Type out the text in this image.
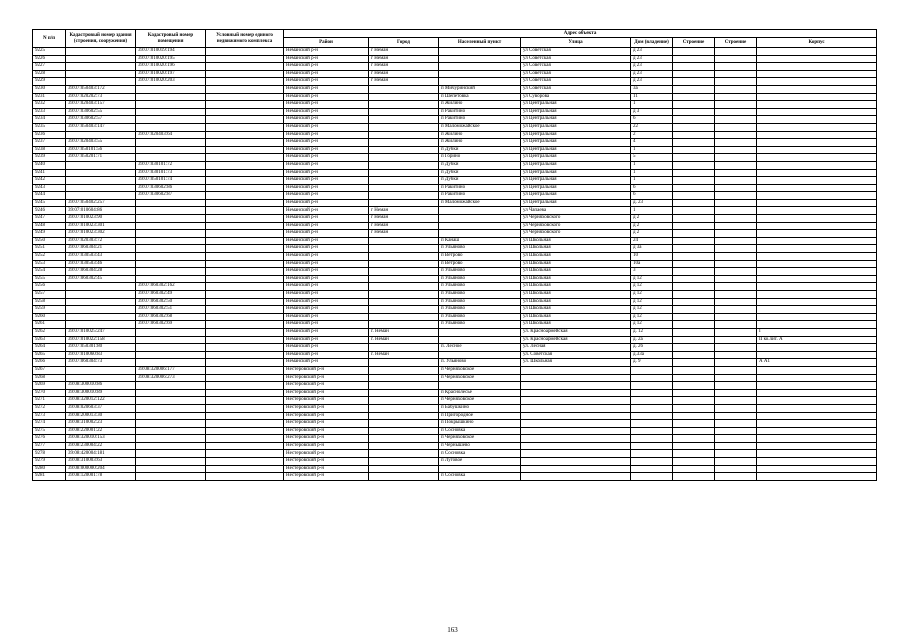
N п/п	Кадастровый номер здания (строения, сооружения)	Кадастровый номер помещения	Условный номер единого недвижимого комплекса	Адрес объекта							
				Район	Город	Населенный пункт	Улица	Дом (владение)	Строение	Строение	Корпус
9225		39:07:010019:194		Неманский р-н	г Неман		ул Советская	д 23			
9226		39:07:010020:195		Неманский р-н	г Неман		ул Советская	д 23			
9227		39:07:010020:196		Неманский р-н	г Неман		ул Советская	д 23			
9228		39:07:010020:197		Неманский р-н	г Неман		ул Советская	д 23			
9229		39:07:010020:203		Неманский р-н	г Неман		ул Советская	д 23			
9230	39:07:050403:172			Неманский р-н		п Мичуринский	ул Советская	3а			
9231	39:07:020202:73			Неманский р-н		п Шепетовка	ул Суворова	11			
9232	39:07:020403:157			Неманский р-н		п Жилино	ул Центральная	1			
9233	39:07:030602:55			Неманский р-н		п Ракитино	ул Центральная	д 3			
9234	39:07:030602:57			Неманский р-н		п Ракитино	ул Центральная	6			
9235	39:07:050403:147			Неманский р-н		п Маломожайское	ул Центральная	22			
9236		39:07:020403:64		Неманский р-н		п Жилино	ул Центральная	2			
9237	39:07:020403:55			Неманский р-н		п Жилино	ул Центральная	4			
9238	39:07:050101:56			Неманский р-н		п Дубки	ул Центральная	1			
9239	39:07:050201:71			Неманский р-н		п Горино	ул Центральная	5			
9240		39:07:030101:72		Неманский р-н		п Дубки	ул Центральная	1			
9241		39:07:030101:73		Неманский р-н		п Дубки	ул Центральная	1			
9242		39:07:050101:74		Неманский р-н		п Дубки	ул Центральная	1			
9243		39:07:030602:86		Неманский р-н		п Ракитино	ул Центральная	6			
9244		39:07:030602:87		Неманский р-н		п Ракитино	ул Центральная	6			
9245	39:07:050402:257			Неманский р-н		п Маломожайское	ул Центральная	д. 23			
9246	39:07:010604:86			Неманский р-н	г Неман		ул Чапаева	1			
9247	39:07:010023:90			Неманский р-н	г Неман		ул Черняховского	д 2			
9248	39:07:010023:301			Неманский р-н	г Неман		ул Черняховского	д 2			
9249	39:07:010023:302			Неманский р-н	г Неман		ул Черняховского	д 2			
9250	39:07:020303:72			Неманский р-н		п Канаш	ул Школьная	24			
9251	39:07:060304:21			Неманский р-н		п Ульяново	ул Школьная	д 3а			
9252	39:07:030503:43			Неманский р-н		п Ветрово	ул Школьная	10			
9253	39:07:030503:46			Неманский р-н		п Ветрово	ул Школьная	10а			
9254	39:07:060304:28			Неманский р-н		п Ульяново	ул Школьная	3			
9255	39:07:060302:45			Неманский р-н		п Ульяново	ул Школьная	д 12			
9256		39:07:060302:162		Неманский р-н		п Ульяново	ул Школьная	д 12			
9257		39:07:060302:49		Неманский р-н		п Ульяново	ул Школьная	д 12			
9258		39:07:060302:50		Неманский р-н		п Ульяново	ул Школьная	д 12			
9259		39:07:060302:51		Неманский р-н		п Ульяново	ул Школьная	д 12			
9260		39:07:060302:68		Неманский р-н		п Ульяново	ул Школьная	д 12			
9261		39:07:060302:69		Неманский р-н		п Ульяново	ул Школьная	д 12			
9262	39:07:010025:247			Неманский р-н	г. Неман		ул. Красноармейская	д. 12			I
9263	39:07:010022:158			Неманский р-н	г. Неман		ул. Красноармейская	д. 2а			II ко.лит. А
9264	39:07:050301:80			Неманский р-н		п. Лесное	ул. Лесная	д. 26			
9265	39:07:010060:83			Неманский р-н	г. Неман		ул. Советская	д.33а			
9266	39:07:060304:73			Неманский р-н		п. Ульяново	ул. Школьная	д. 9			А А1
9267		39:08:320006:177		Нестеровский р-н		п Черняховское					
9268		39:08:320006:273		Нестеровский р-н		п Черняховское					
9269	39:08:300010:86			Нестеровский р-н							
9270	39:08:300010:89			Нестеровский р-н		п Краснолесье					
9271	39:08:320012:122			Нестеровский р-н		п Черняховское					
9272	39:08:020603:37			Нестеровский р-н		п Бабушкино					
9273	39:08:200013:30			Нестеровский р-н		п Пригородное					
9274	39:08:310002:23			Нестеровский р-н		п Покрышкино					
9275	39:08:220001:22			Нестеровский р-н		п Сосновка					
9276	39:08:320010:153			Нестеровский р-н		п Черняховское					
9277	39:08:230004:22			Нестеровский р-н		п Чернышево					
9278	39:08:420004:181			Нестеровский р-н		п Сосновка					
9279	39:08:310003:63			Нестеровский р-н		п Луговое					
9280	39:08:000000:204			Нестеровский р-н							
9281	39:08:120001:78			Нестеровский р-н		п Сосновка					
163
